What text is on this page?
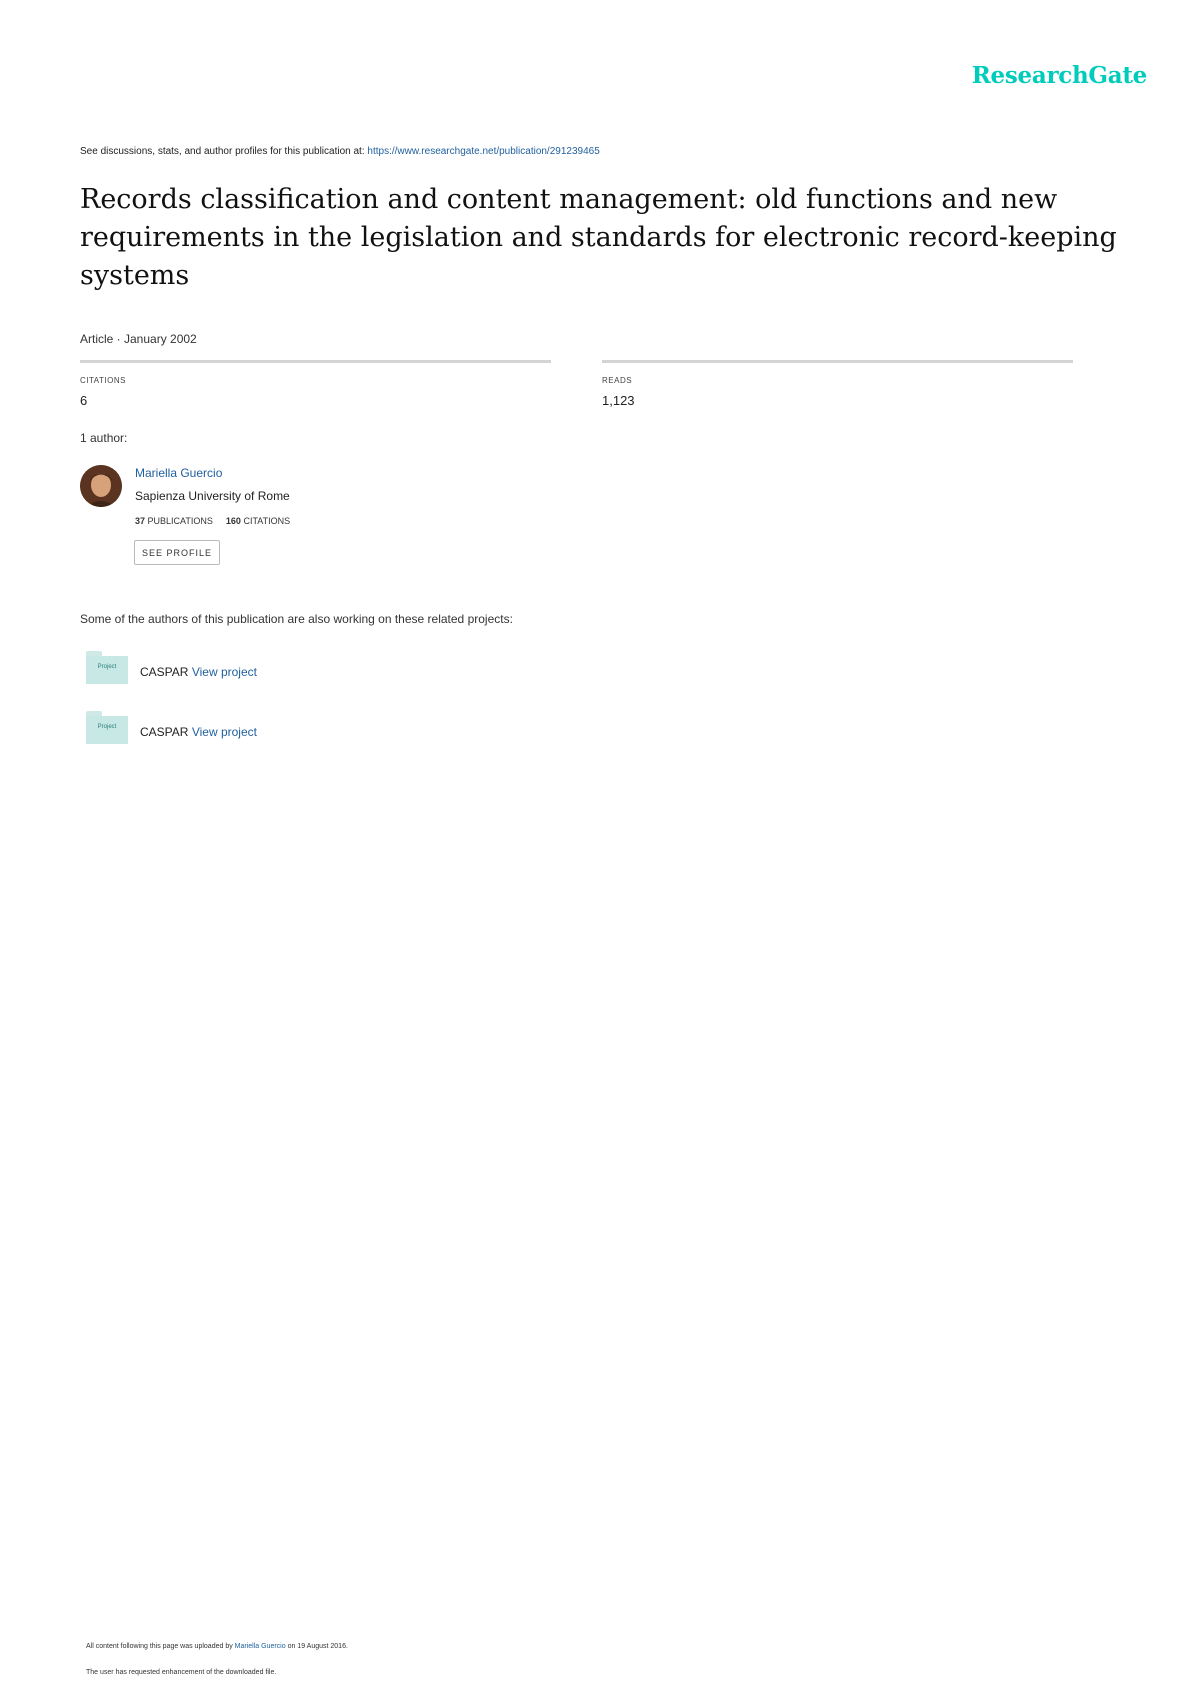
ResearchGate
See discussions, stats, and author profiles for this publication at: https://www.researchgate.net/publication/291239465
Records classification and content management: old functions and new requirements in the legislation and standards for electronic record-keeping systems
Article · January 2002
CITATIONS
6
READS
1,123
1 author:
Mariella Guercio
Sapienza University of Rome
37 PUBLICATIONS 160 CITATIONS
SEE PROFILE
Some of the authors of this publication are also working on these related projects:
Project	CASPAR View project
Project	CASPAR View project
All content following this page was uploaded by Mariella Guercio on 19 August 2016.
The user has requested enhancement of the downloaded file.
